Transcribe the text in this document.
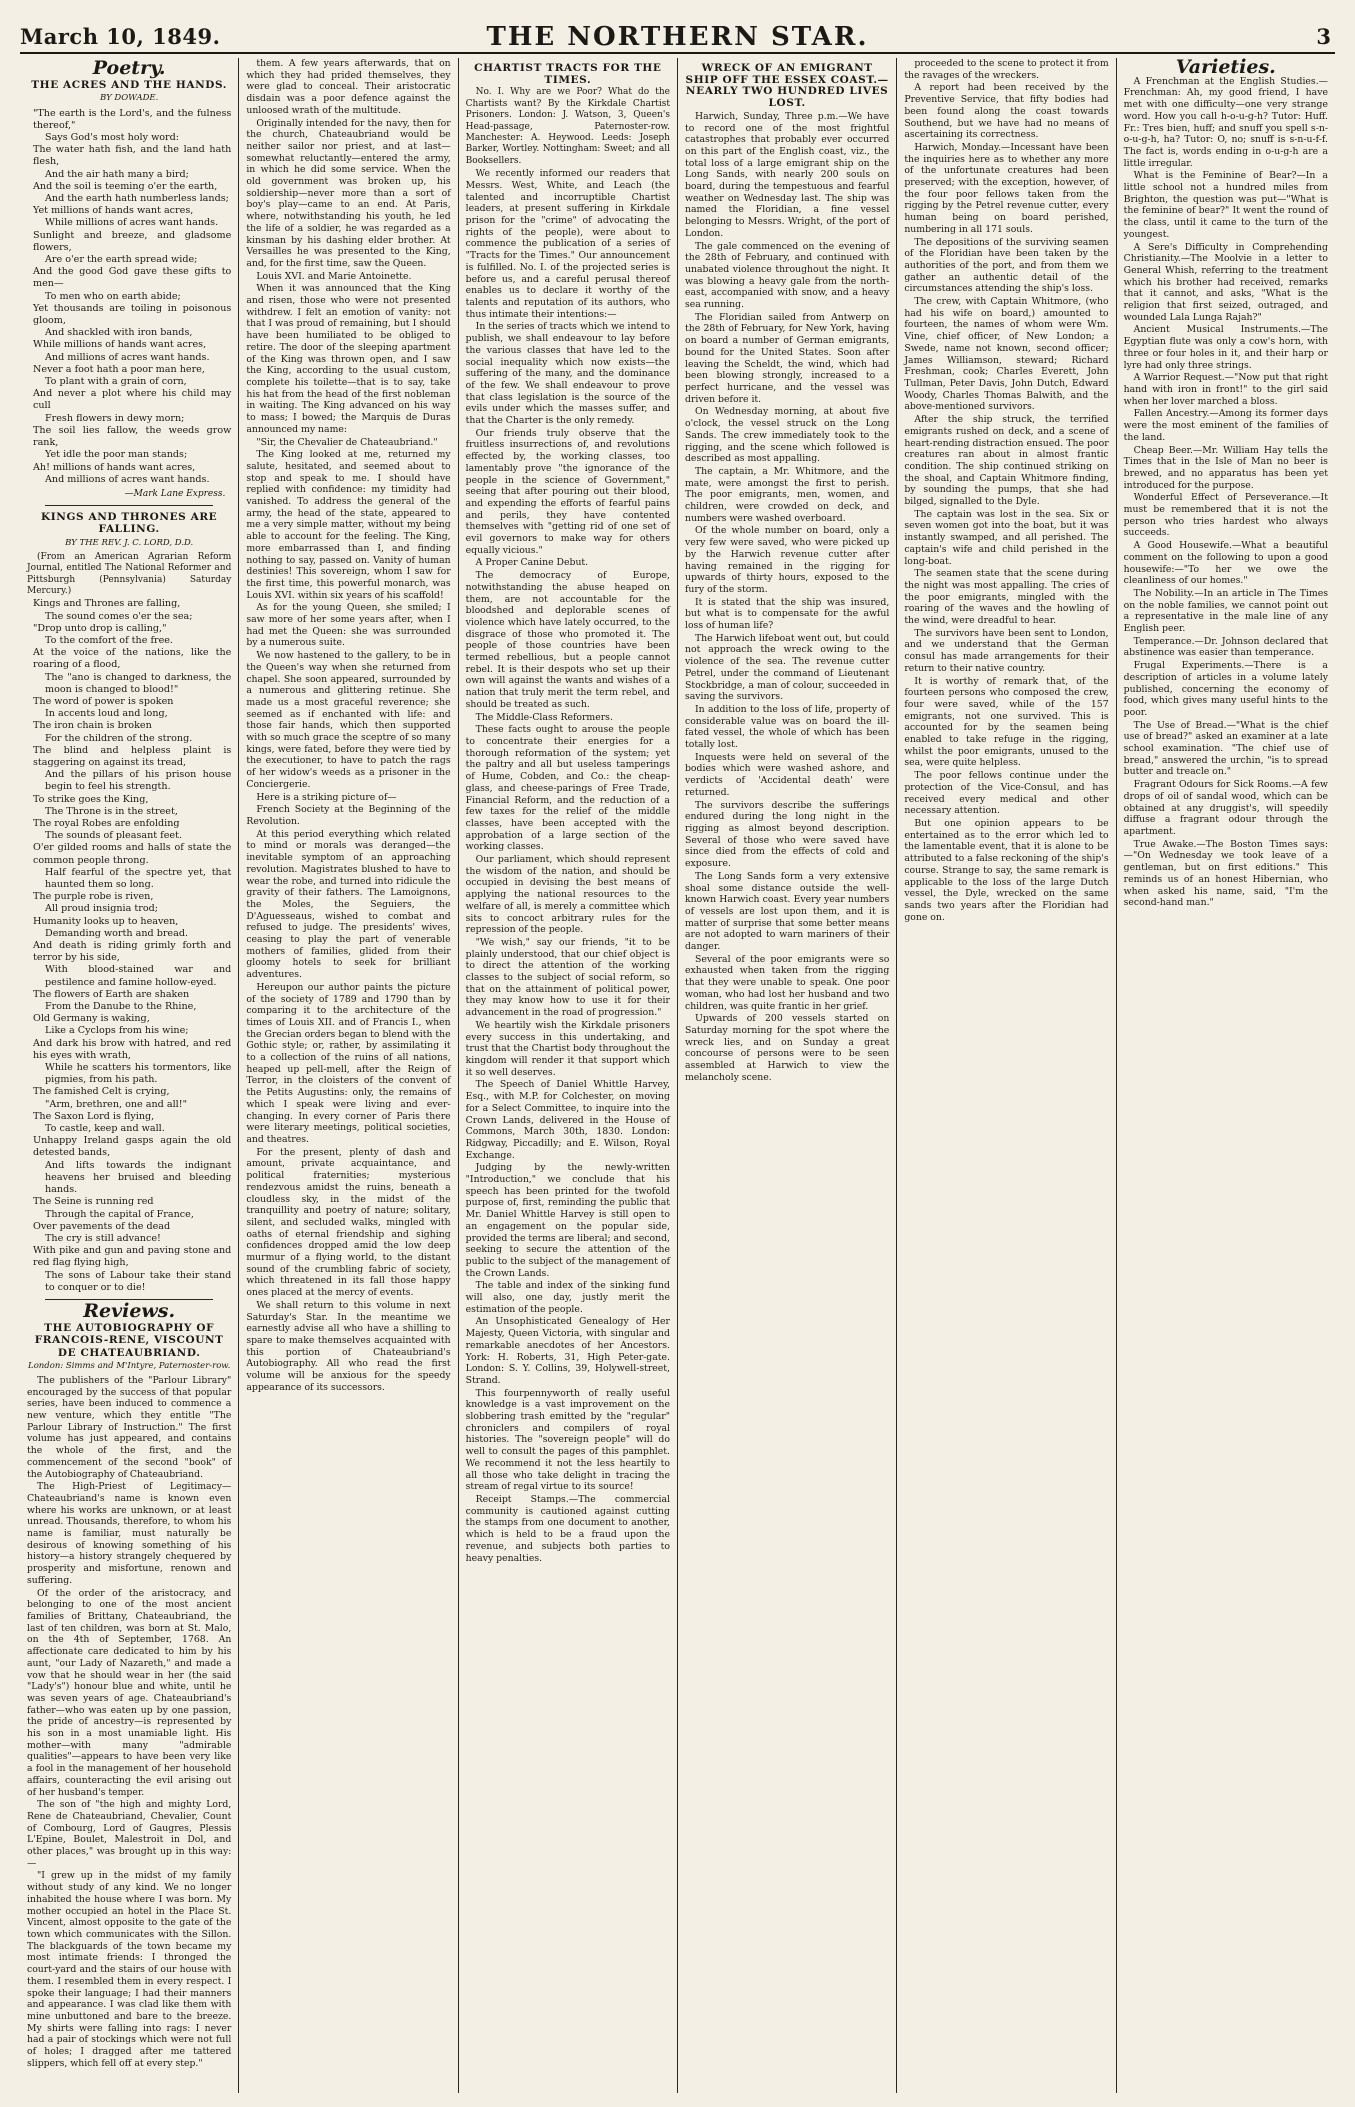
March 10, 1849.	THE NORTHERN STAR.	3
Poetry.
THE ACRES AND THE HANDS.
BY DOWADE.

"The earth is the Lord's, and the fulness thereof,"

Says God's most holy word:

The water hath fish, and the land hath flesh,

And the air hath many a bird;

And the soil is teeming o'er the earth,

And the earth hath numberless lands;

Yet millions of hands want acres,

While millions of acres want hands.

Sunlight and breeze, and gladsome flowers,

Are o'er the earth spread wide;

And the good God gave these gifts to men—

To men who on earth abide;

Yet thousands are toiling in poisonous gloom,

And shackled with iron bands,

While millions of hands want acres,

And millions of acres want hands.

Never a foot hath a poor man here,

To plant with a grain of corn,

And never a plot where his child may cull

Fresh flowers in dewy morn;

The soil lies fallow, the weeds grow rank,

Yet idle the poor man stands;

Ah! millions of hands want acres,

And millions of acres want hands.

—Mark Lane Express.
KINGS AND THRONES ARE FALLING.
BY THE REV. J. C. LORD, D.D.

(From an American Agrarian Reform Journal, entitled The National Reformer and Pittsburgh (Pennsylvania) Saturday Mercury.)

Kings and Thrones are falling,

The sound comes o'er the sea;

"Drop unto drop is calling,"

To the comfort of the free.

At the voice of the nations, like the roaring of a flood,

The "ano is changed to darkness, the moon is changed to blood!"

The word of power is spoken

In accents loud and long,

The iron chain is broken

For the children of the strong.

The blind and helpless plaint is staggering on against its tread,

And the pillars of his prison house begin to feel his strength.

To strike goes the King,

The Throne is in the street,

The royal Robes are enfolding

The sounds of pleasant feet.

O'er gilded rooms and halls of state the common people throng.

Half fearful of the spectre yet, that haunted them so long.

The purple robe is riven,

All proud insignia trod;

Humanity looks up to heaven,

Demanding worth and bread.

And death is riding grimly forth and terror by his side,

With blood-stained war and pestilence and famine hollow-eyed.

The flowers of Earth are shaken

From the Danube to the Rhine,

Old Germany is waking,

Like a Cyclops from his wine;

And dark his brow with hatred, and red his eyes with wrath,

While he scatters his tormentors, like pigmies, from his path.

The famished Celt is crying,

"Arm, brethren, one and all!"

The Saxon Lord is flying,

To castle, keep and wall.

Unhappy Ireland gasps again the old detested bands,

And lifts towards the indignant heavens her bruised and bleeding hands.

The Seine is running red

Through the capital of France,

Over pavements of the dead

The cry is still advance!

With pike and gun and paving stone and red flag flying high,

The sons of Labour take their stand to conquer or to die!

Reviews.
THE AUTOBIOGRAPHY OF FRANCOIS-RENE, VISCOUNT DE CHATEAUBRIAND.
London: Simms and M'Intyre, Paternoster-row.

The publishers of the "Parlour Library" encouraged by the success of that popular series, have been induced to commence a new venture, which they entitle "The Parlour Library of Instruction." The first volume has just appeared, and contains the whole of the first, and the commencement of the second "book" of the Autobiography of Chateaubriand.

The High-Priest of Legitimacy—Chateaubriand's name is known even where his works are unknown, or at least unread. Thousands, therefore, to whom his name is familiar, must naturally be desirous of knowing something of his history—a history strangely chequered by prosperity and misfortune, renown and suffering.

Of the order of the aristocracy, and belonging to one of the most ancient families of Brittany, Chateaubriand, the last of ten children, was born at St. Malo, on the 4th of September, 1768. An affectionate care dedicated to him by his aunt, "our Lady of Nazareth," and made a vow that he should wear in her (the said "Lady's") honour blue and white, until he was seven years of age. Chateaubriand's father—who was eaten up by one passion, the pride of ancestry—is represented by his son in a most unamiable light. His mother—with many "admirable qualities"—appears to have been very like a fool in the management of her household affairs, counteracting the evil arising out of her husband's temper.

The son of "the high and mighty Lord, Rene de Chateaubriand, Chevalier, Count of Combourg, Lord of Gaugres, Plessis L'Epine, Boulet, Malestroit in Dol, and other places," was brought up in this way:—

"I grew up in the midst of my family without study of any kind. We no longer inhabited the house where I was born. My mother occupied an hotel in the Place St. Vincent, almost opposite to the gate of the town which communicates with the Sillon. The blackguards of the town became my most intimate friends: I thronged the court-yard and the stairs of our house with them. I resembled them in every respect. I spoke their language; I had their manners and appearance. I was clad like them with mine unbuttoned and bare to the breeze. My shirts were falling into rags: I never had a pair of stockings which were not full of holes; I dragged after me tattered slippers, which fell off at every step."

them. A few years afterwards, that on which they had prided themselves, they were glad to conceal. Their aristocratic disdain was a poor defence against the unloosed wrath of the multitude.

Originally intended for the navy, then for the church, Chateaubriand would be neither sailor nor priest, and at last—somewhat reluctantly—entered the army, in which he did some service. When the old government was broken up, his soldiership—never more than a sort of boy's play—came to an end. At Paris, where, notwithstanding his youth, he led the life of a soldier, he was regarded as a kinsman by his dashing elder brother. At Versailles he was presented to the King, and, for the first time, saw the Queen.

Louis XVI. and Marie Antoinette.

When it was announced that the King and risen, those who were not presented withdrew. I felt an emotion of vanity: not that I was proud of remaining, but I should have been humiliated to be obliged to retire. The door of the sleeping apartment of the King was thrown open, and I saw the King, according to the usual custom, complete his toilette—that is to say, take his hat from the head of the first nobleman in waiting. The King advanced on his way to mass; I bowed; the Marquis de Duras announced my name:

"Sir, the Chevalier de Chateaubriand."

The King looked at me, returned my salute, hesitated, and seemed about to stop and speak to me. I should have replied with confidence: my timidity had vanished. To address the general of the army, the head of the state, appeared to me a very simple matter, without my being able to account for the feeling. The King, more embarrassed than I, and finding nothing to say, passed on. Vanity of human destinies! This sovereign, whom I saw for the first time, this powerful monarch, was Louis XVI. within six years of his scaffold!

As for the young Queen, she smiled; I saw more of her some years after, when I had met the Queen: she was surrounded by a numerous suite.

We now hastened to the gallery, to be in the Queen's way when she returned from chapel. She soon appeared, surrounded by a numerous and glittering retinue. She made us a most graceful reverence; she seemed as if enchanted with life: and those fair hands, which then supported with so much grace the sceptre of so many kings, were fated, before they were tied by the executioner, to have to patch the rags of her widow's weeds as a prisoner in the Conciergerie.

Here is a striking picture of—

French Society at the Beginning of the Revolution.

At this period everything which related to mind or morals was deranged—the inevitable symptom of an approaching revolution. Magistrates blushed to have to wear the robe, and turned into ridicule the gravity of their fathers. The Lamoignons, the Moles, the Seguiers, the D'Aguesseaus, wished to combat and refused to judge. The presidents' wives, ceasing to play the part of venerable mothers of families, glided from their gloomy hotels to seek for brilliant adventures.

Hereupon our author paints the picture of the society of 1789 and 1790 than by comparing it to the architecture of the times of Louis XII. and of Francis I., when the Grecian orders began to blend with the Gothic style; or, rather, by assimilating it to a collection of the ruins of all nations, heaped up pell-mell, after the Reign of Terror, in the cloisters of the convent of the Petits Augustins: only, the remains of which I speak were living and ever-changing. In every corner of Paris there were literary meetings, political societies, and theatres.

For the present, plenty of dash and amount, private acquaintance, and political fraternities; mysterious rendezvous amidst the ruins, beneath a cloudless sky, in the midst of the tranquillity and poetry of nature; solitary, silent, and secluded walks, mingled with oaths of eternal friendship and sighing confidences dropped amid the low deep murmur of a flying world, to the distant sound of the crumbling fabric of society, which threatened in its fall those happy ones placed at the mercy of events.

We shall return to this volume in next Saturday's Star. In the meantime we earnestly advise all who have a shilling to spare to make themselves acquainted with this portion of Chateaubriand's Autobiography. All who read the first volume will be anxious for the speedy appearance of its successors.

CHARTIST TRACTS FOR THE TIMES.

No. I. Why are we Poor? What do the Chartists want? By the Kirkdale Chartist Prisoners. London: J. Watson, 3, Queen's Head-passage, Paternoster-row. Manchester: A. Heywood. Leeds: Joseph Barker, Wortley. Nottingham: Sweet; and all Booksellers.

We recently informed our readers that Messrs. West, White, and Leach (the talented and incorruptible Chartist leaders, at present suffering in Kirkdale prison for the "crime" of advocating the rights of the people), were about to commence the publication of a series of "Tracts for the Times." Our announcement is fulfilled. No. I. of the projected series is before us, and a careful perusal thereof enables us to declare it worthy of the talents and reputation of its authors, who thus intimate their intentions:—

In the series of tracts which we intend to publish, we shall endeavour to lay before the various classes that have led to the social inequality which now exists—the suffering of the many, and the dominance of the few. We shall endeavour to prove that class legislation is the source of the evils under which the masses suffer, and that the Charter is the only remedy.

Our friends truly observe that the fruitless insurrections of, and revolutions effected by, the working classes, too lamentably prove "the ignorance of the people in the science of Government," seeing that after pouring out their blood, and expending the efforts of fearful pains and perils, they have contented themselves with "getting rid of one set of evil governors to make way for others equally vicious."

A Proper Canine Debut.

The democracy of Europe, notwithstanding the abuse heaped on them, are not accountable for the bloodshed and deplorable scenes of violence which have lately occurred, to the disgrace of those who promoted it. The people of those countries have been termed rebellious, but a people cannot rebel. It is their despots who set up their own will against the wants and wishes of a nation that truly merit the term rebel, and should be treated as such.

The Middle-Class Reformers.

These facts ought to arouse the people to concentrate their energies for a thorough reformation of the system; yet the paltry and all but useless tamperings of Hume, Cobden, and Co.: the cheap-glass, and cheese-parings of Free Trade, Financial Reform, and the reduction of a few taxes for the relief of the middle classes, have been accepted with the approbation of a large section of the working classes.

Our parliament, which should represent the wisdom of the nation, and should be occupied in devising the best means of applying the national resources to the welfare of all, is merely a committee which sits to concoct arbitrary rules for the repression of the people.

"We wish," say our friends, "it to be plainly understood, that our chief object is to direct the attention of the working classes to the subject of social reform, so that on the attainment of political power, they may know how to use it for their advancement in the road of progression."

We heartily wish the Kirkdale prisoners every success in this undertaking, and trust that the Chartist body throughout the kingdom will render it that support which it so well deserves.

The Speech of Daniel Whittle Harvey, Esq., with M.P. for Colchester, on moving for a Select Committee, to inquire into the Crown Lands, delivered in the House of Commons, March 30th, 1830. London: Ridgway, Piccadilly; and E. Wilson, Royal Exchange.

Judging by the newly-written "Introduction," we conclude that his speech has been printed for the twofold purpose of, first, reminding the public that Mr. Daniel Whittle Harvey is still open to an engagement on the popular side, provided the terms are liberal; and second, seeking to secure the attention of the public to the subject of the management of the Crown Lands.

The table and index of the sinking fund will also, one day, justly merit the estimation of the people.

An Unsophisticated Genealogy of Her Majesty, Queen Victoria, with singular and remarkable anecdotes of her Ancestors. York: H. Roberts, 31, High Peter-gate. London: S. Y. Collins, 39, Holywell-street, Strand.

This fourpennyworth of really useful knowledge is a vast improvement on the slobbering trash emitted by the "regular" chroniclers and compilers of royal histories. The "sovereign people" will do well to consult the pages of this pamphlet. We recommend it not the less heartily to all those who take delight in tracing the stream of regal virtue to its source!

Receipt Stamps.—The commercial community is cautioned against cutting the stamps from one document to another, which is held to be a fraud upon the revenue, and subjects both parties to heavy penalties.

WRECK OF AN EMIGRANT SHIP OFF THE ESSEX COAST.—NEARLY TWO HUNDRED LIVES LOST.

Harwich, Sunday, Three p.m.—We have to record one of the most frightful catastrophes that probably ever occurred on this part of the English coast, viz., the total loss of a large emigrant ship on the Long Sands, with nearly 200 souls on board, during the tempestuous and fearful weather on Wednesday last. The ship was named the Floridian, a fine vessel belonging to Messrs. Wright, of the port of London.

The gale commenced on the evening of the 28th of February, and continued with unabated violence throughout the night. It was blowing a heavy gale from the north-east, accompanied with snow, and a heavy sea running.

The Floridian sailed from Antwerp on the 28th of February, for New York, having on board a number of German emigrants, bound for the United States. Soon after leaving the Scheldt, the wind, which had been blowing strongly, increased to a perfect hurricane, and the vessel was driven before it.

On Wednesday morning, at about five o'clock, the vessel struck on the Long Sands. The crew immediately took to the rigging, and the scene which followed is described as most appalling.

The captain, a Mr. Whitmore, and the mate, were amongst the first to perish. The poor emigrants, men, women, and children, were crowded on deck, and numbers were washed overboard.

Of the whole number on board, only a very few were saved, who were picked up by the Harwich revenue cutter after having remained in the rigging for upwards of thirty hours, exposed to the fury of the storm.

It is stated that the ship was insured, but what is to compensate for the awful loss of human life?

The Harwich lifeboat went out, but could not approach the wreck owing to the violence of the sea. The revenue cutter Petrel, under the command of Lieutenant Stockbridge, a man of colour, succeeded in saving the survivors.

In addition to the loss of life, property of considerable value was on board the ill-fated vessel, the whole of which has been totally lost.

Inquests were held on several of the bodies which were washed ashore, and verdicts of 'Accidental death' were returned.

The survivors describe the sufferings endured during the long night in the rigging as almost beyond description. Several of those who were saved have since died from the effects of cold and exposure.

The Long Sands form a very extensive shoal some distance outside the well-known Harwich coast. Every year numbers of vessels are lost upon them, and it is matter of surprise that some better means are not adopted to warn mariners of their danger.

Several of the poor emigrants were so exhausted when taken from the rigging that they were unable to speak. One poor woman, who had lost her husband and two children, was quite frantic in her grief.

Upwards of 200 vessels started on Saturday morning for the spot where the wreck lies, and on Sunday a great concourse of persons were to be seen assembled at Harwich to view the melancholy scene.

proceeded to the scene to protect it from the ravages of the wreckers.

A report had been received by the Preventive Service, that fifty bodies had been found along the coast towards Southend, but we have had no means of ascertaining its correctness.

Harwich, Monday.—Incessant have been the inquiries here as to whether any more of the unfortunate creatures had been preserved; with the exception, however, of the four poor fellows taken from the rigging by the Petrel revenue cutter, every human being on board perished, numbering in all 171 souls.

The depositions of the surviving seamen of the Floridian have been taken by the authorities of the port, and from them we gather an authentic detail of the circumstances attending the ship's loss.

The crew, with Captain Whitmore, (who had his wife on board,) amounted to fourteen, the names of whom were Wm. Vine, chief officer, of New London; a Swede, name not known, second officer; James Williamson, steward; Richard Freshman, cook; Charles Everett, John Tullman, Peter Davis, John Dutch, Edward Woody, Charles Thomas Balwith, and the above-mentioned survivors.

After the ship struck, the terrified emigrants rushed on deck, and a scene of heart-rending distraction ensued. The poor creatures ran about in almost frantic condition. The ship continued striking on the shoal, and Captain Whitmore finding, by sounding the pumps, that she had bilged, signalled to the Dyle.

The captain was lost in the sea. Six or seven women got into the boat, but it was instantly swamped, and all perished. The captain's wife and child perished in the long-boat.

The seamen state that the scene during the night was most appalling. The cries of the poor emigrants, mingled with the roaring of the waves and the howling of the wind, were dreadful to hear.

The survivors have been sent to London, and we understand that the German consul has made arrangements for their return to their native country.

It is worthy of remark that, of the fourteen persons who composed the crew, four were saved, while of the 157 emigrants, not one survived. This is accounted for by the seamen being enabled to take refuge in the rigging, whilst the poor emigrants, unused to the sea, were quite helpless.

The poor fellows continue under the protection of the Vice-Consul, and has received every medical and other necessary attention.

But one opinion appears to be entertained as to the error which led to the lamentable event, that it is alone to be attributed to a false reckoning of the ship's course. Strange to say, the same remark is applicable to the loss of the large Dutch vessel, the Dyle, wrecked on the same sands two years after the Floridian had gone on.

Varieties.

A Frenchman at the English Studies.—Frenchman: Ah, my good friend, I have met with one difficulty—one very strange word. How you call h-o-u-g-h? Tutor: Huff. Fr.: Tres bien, huff; and snuff you spell s-n-o-u-g-h, ha? Tutor: O, no; snuff is s-n-u-f-f. The fact is, words ending in o-u-g-h are a little irregular.

What is the Feminine of Bear?—In a little school not a hundred miles from Brighton, the question was put—"What is the feminine of bear?" It went the round of the class, until it came to the turn of the youngest.

A Sere's Difficulty in Comprehending Christianity.—The Moolvie in a letter to General Whish, referring to the treatment which his brother had received, remarks that it cannot, and asks, "What is the religion that first seized, outraged, and wounded Lala Lunga Rajah?"

Ancient Musical Instruments.—The Egyptian flute was only a cow's horn, with three or four holes in it, and their harp or lyre had only three strings.

A Warrior Request.—"Now put that right hand with iron in front!" to the girl said when her lover marched a bloss.

Fallen Ancestry.—Among its former days were the most eminent of the families of the land.

Cheap Beer.—Mr. William Hay tells the Times that in the Isle of Man no beer is brewed, and no apparatus has been yet introduced for the purpose.

Wonderful Effect of Perseverance.—It must be remembered that it is not the person who tries hardest who always succeeds.

A Good Housewife.—What a beautiful comment on the following to upon a good housewife:—"To her we owe the cleanliness of our homes."

The Nobility.—In an article in The Times on the noble families, we cannot point out a representative in the male line of any English peer.

Temperance.—Dr. Johnson declared that abstinence was easier than temperance.

Frugal Experiments.—There is a description of articles in a volume lately published, concerning the economy of food, which gives many useful hints to the poor.

The Use of Bread.—"What is the chief use of bread?" asked an examiner at a late school examination. "The chief use of bread," answered the urchin, "is to spread butter and treacle on."

Fragrant Odours for Sick Rooms.—A few drops of oil of sandal wood, which can be obtained at any druggist's, will speedily diffuse a fragrant odour through the apartment.

True Awake.—The Boston Times says:—"On Wednesday we took leave of a gentleman, but on first editions." This reminds us of an honest Hibernian, who when asked his name, said, "I'm the second-hand man."
